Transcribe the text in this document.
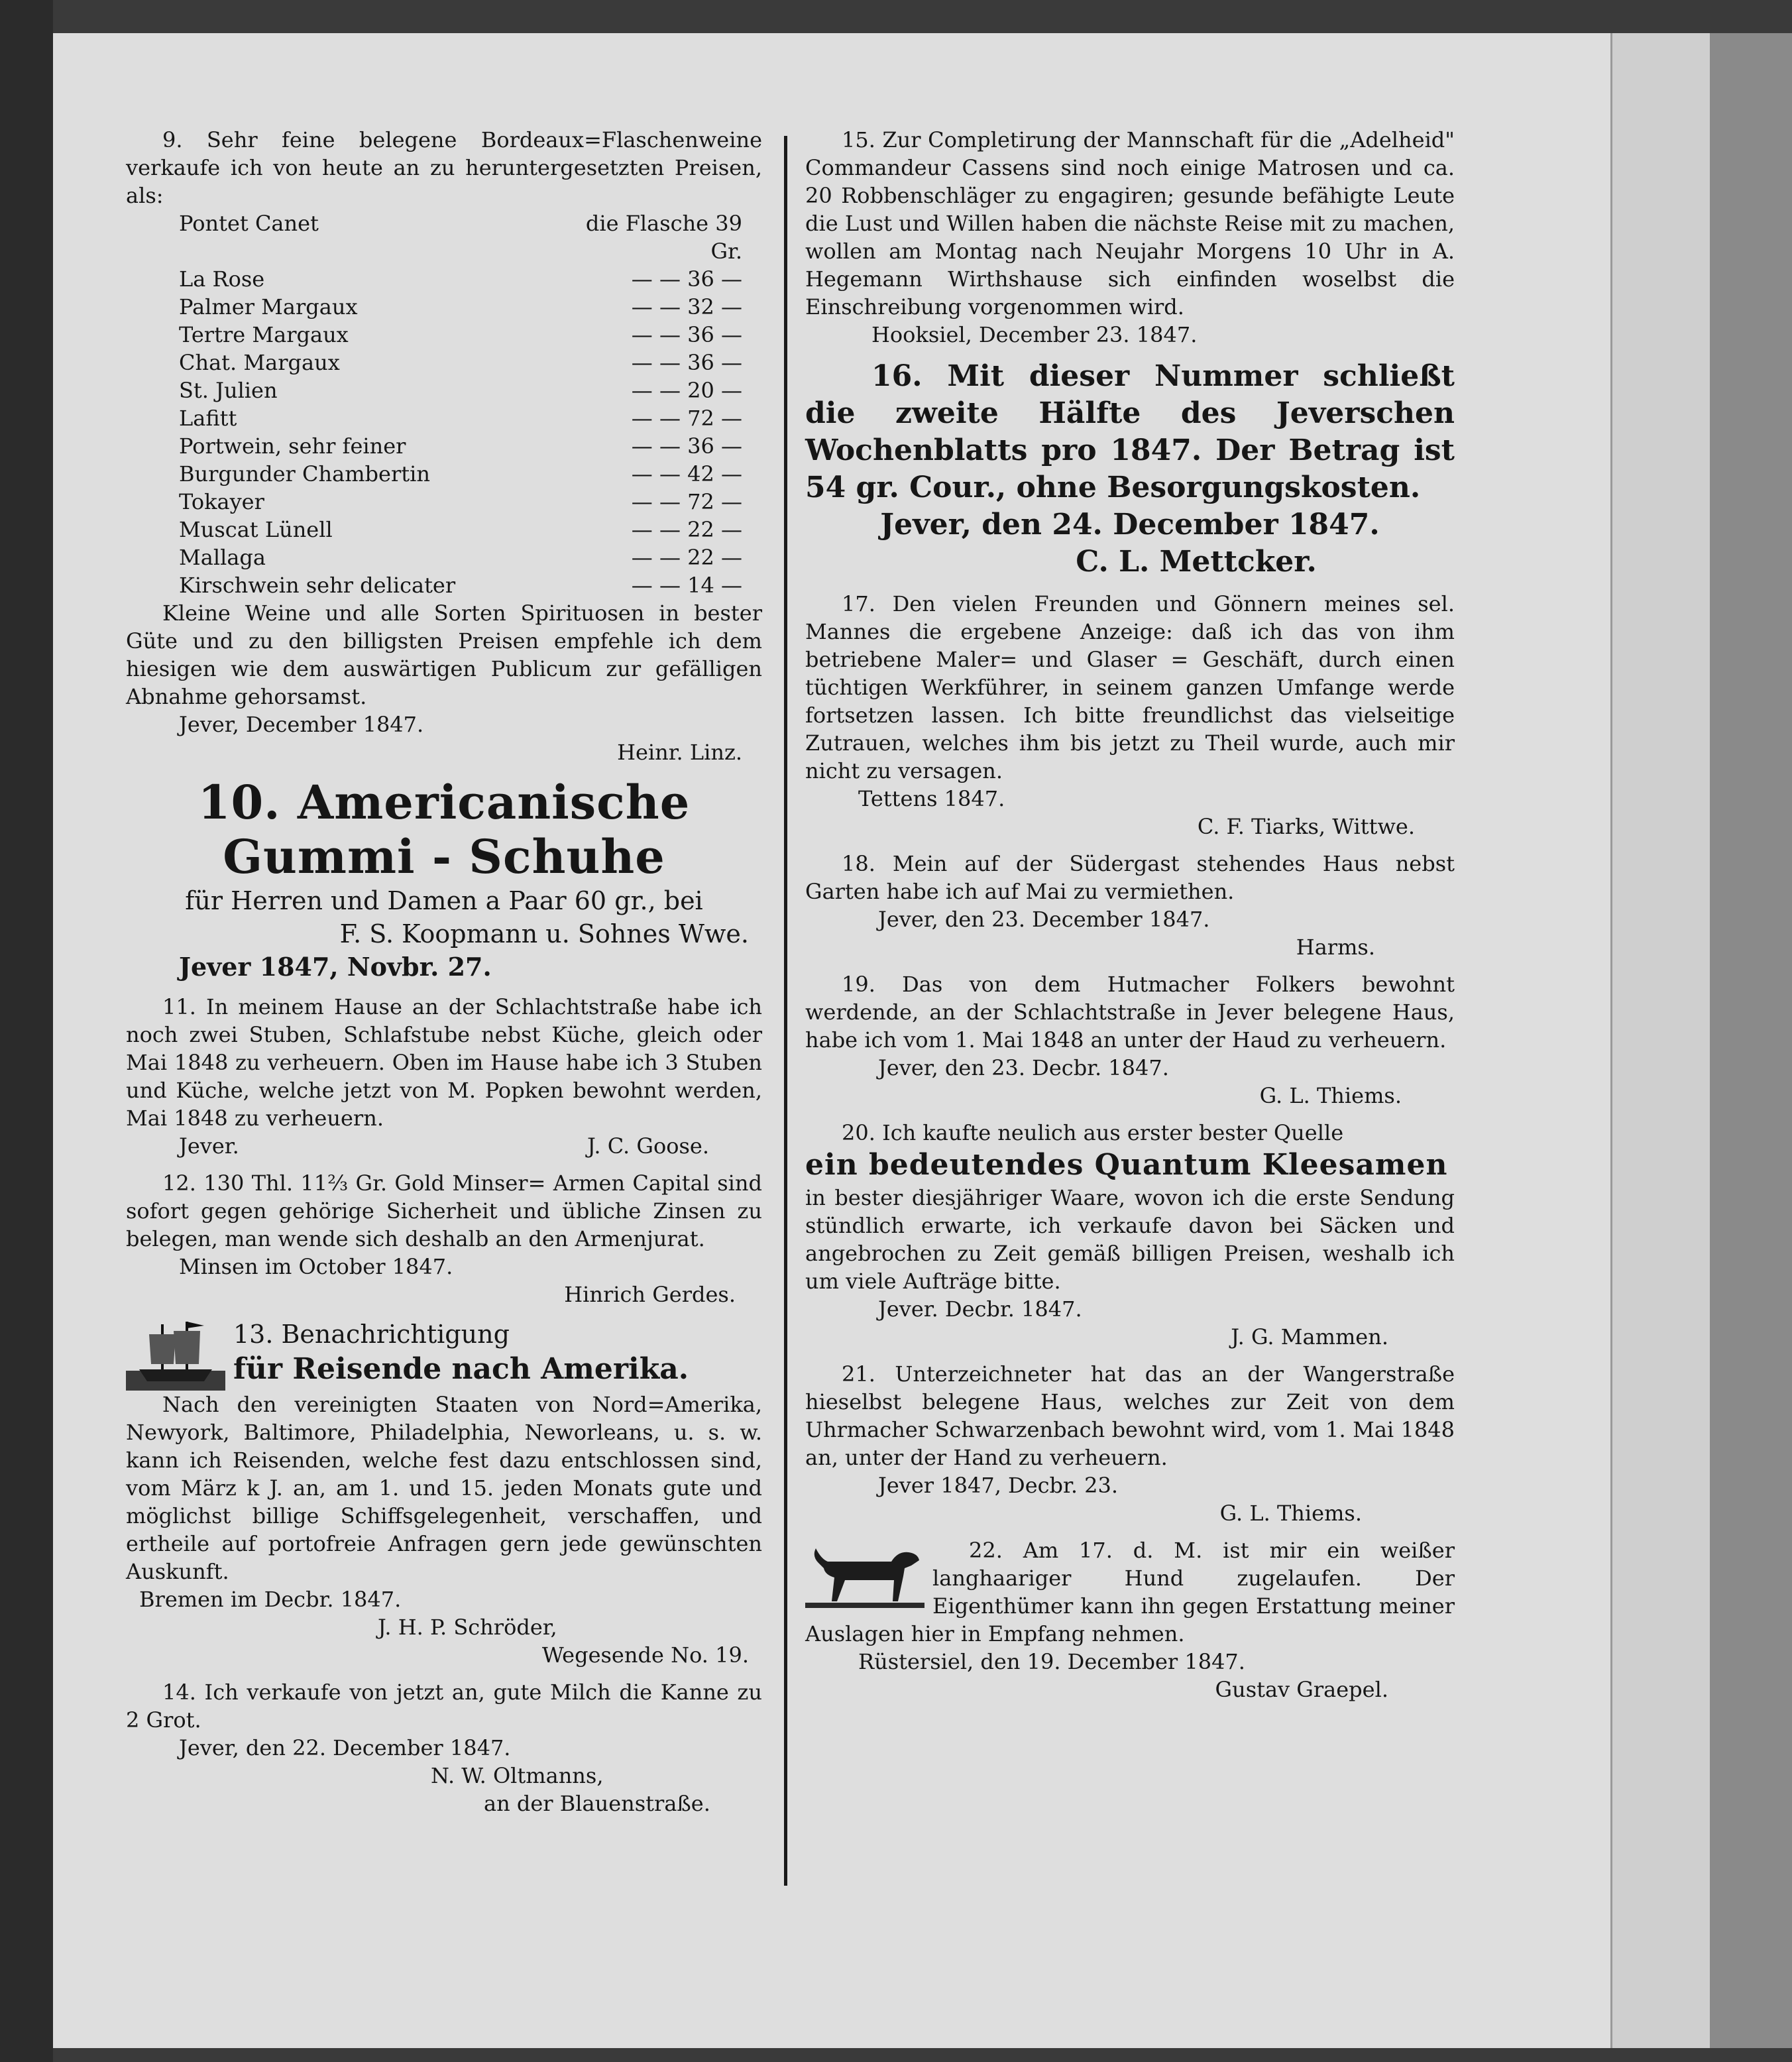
9. Sehr feine belegene Bordeaux=Flaschenweine verkaufe ich von heute an zu heruntergesetzten Preisen, als:

Pontet Canet	die Flasche 39 Gr.
La Rose	— — 36 —
Palmer Margaux	— — 32 —
Tertre Margaux	— — 36 —
Chat. Margaux	— — 36 —
St. Julien	— — 20 —
Lafitt	— — 72 —
Portwein, sehr feiner	— — 36 —
Burgunder Chambertin	— — 42 —
Tokayer	— — 72 —
Muscat Lünell	— — 22 —
Mallaga	— — 22 —
Kirschwein sehr delicater	— — 14 —

Kleine Weine und alle Sorten Spirituosen in bester Güte und zu den billigsten Preisen empfehle ich dem hiesigen wie dem auswärtigen Publicum zur gefälligen Abnahme gehorsamst.

Jever, December 1847.

Heinr. Linz.

10. Americanische

Gummi - Schuhe

für Herren und Damen a Paar 60 gr., bei

F. S. Koopmann u. Sohnes Wwe.

Jever 1847, Novbr. 27.

11. In meinem Hause an der Schlachtstraße habe ich noch zwei Stuben, Schlafstube nebst Küche, gleich oder Mai 1848 zu verheuern. Oben im Hause habe ich 3 Stuben und Küche, welche jetzt von M. Popken bewohnt werden, Mai 1848 zu verheuern.

Jever.	J. C. Goose.

12. 130 Thl. 11⅔ Gr. Gold Minser= Armen Capital sind sofort gegen gehörige Sicherheit und übliche Zinsen zu belegen, man wende sich deshalb an den Armenjurat.

Minsen im October 1847.

Hinrich Gerdes.

13. Benachrichtigung

für Reisende nach Amerika.

Nach den vereinigten Staaten von Nord=Amerika, Newyork, Baltimore, Philadelphia, Neworleans, u. s. w. kann ich Reisenden, welche fest dazu entschlossen sind, vom März k J. an, am 1. und 15. jeden Monats gute und möglichst billige Schiffsgelegenheit, verschaffen, und ertheile auf portofreie Anfragen gern jede gewünschten Auskunft.

Bremen im Decbr. 1847.

J. H. P. Schröder,

Wegesende No. 19.

14. Ich verkaufe von jetzt an, gute Milch die Kanne zu 2 Grot.

Jever, den 22. December 1847.

N. W. Oltmanns,

an der Blauenstraße.

15. Zur Completirung der Mannschaft für die „Adelheid" Commandeur Cassens sind noch einige Matrosen und ca. 20 Robbenschläger zu engagiren; gesunde befähigte Leute die Lust und Willen haben die nächste Reise mit zu machen, wollen am Montag nach Neujahr Morgens 10 Uhr in A. Hegemann Wirthshause sich einfinden woselbst die Einschreibung vorgenommen wird.

Hooksiel, December 23. 1847.

16. Mit dieser Nummer schließt die zweite Hälfte des Jeverschen Wochenblatts pro 1847. Der Betrag ist 54 gr. Cour., ohne Besorgungskosten.

Jever, den 24. December 1847.

C. L. Mettcker.

17. Den vielen Freunden und Gönnern meines sel. Mannes die ergebene Anzeige: daß ich das von ihm betriebene Maler= und Glaser = Geschäft, durch einen tüchtigen Werkführer, in seinem ganzen Umfange werde fortsetzen lassen. Ich bitte freundlichst das vielseitige Zutrauen, welches ihm bis jetzt zu Theil wurde, auch mir nicht zu versagen.

Tettens 1847.

C. F. Tiarks, Wittwe.

18. Mein auf der Südergast stehendes Haus nebst Garten habe ich auf Mai zu vermiethen.

Jever, den 23. December 1847.

Harms.

19. Das von dem Hutmacher Folkers bewohnt werdende, an der Schlachtstraße in Jever belegene Haus, habe ich vom 1. Mai 1848 an unter der Haud zu verheuern.

Jever, den 23. Decbr. 1847.

G. L. Thiems.

20. Ich kaufte neulich aus erster bester Quelle

ein bedeutendes Quantum Kleesamen

in bester diesjähriger Waare, wovon ich die erste Sendung stündlich erwarte, ich verkaufe davon bei Säcken und angebrochen zu Zeit gemäß billigen Preisen, weshalb ich um viele Aufträge bitte.

Jever. Decbr. 1847.

J. G. Mammen.

21. Unterzeichneter hat das an der Wangerstraße hieselbst belegene Haus, welches zur Zeit von dem Uhrmacher Schwarzenbach bewohnt wird, vom 1. Mai 1848 an, unter der Hand zu verheuern.

Jever 1847, Decbr. 23.

G. L. Thiems.

22. Am 17. d. M. ist mir ein weißer langhaariger Hund zugelaufen. Der Eigenthümer kann ihn gegen Erstattung meiner Auslagen hier in Empfang nehmen.

Rüstersiel, den 19. December 1847.

Gustav Graepel.
